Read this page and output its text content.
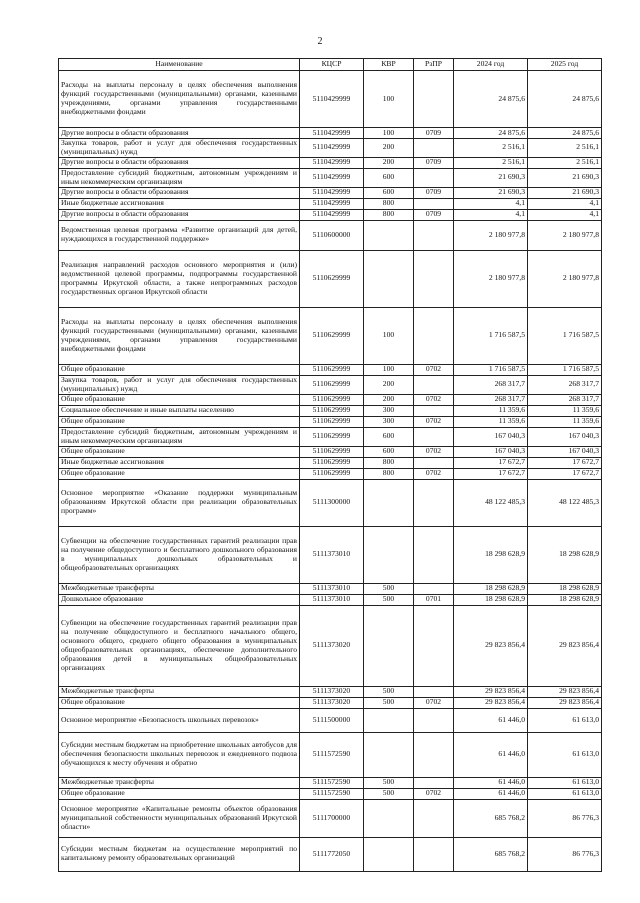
2
Наименование	КЦСР	КВР	РзПР	2024 год	2025 год
Расходы на выплаты персоналу в целях обеспечения выполнения функций государственными (муниципальными) органами, казенными учреждениями, органами управления государственными внебюджетными фондами	5110429999	100		24 875,6	24 875,6
Другие вопросы в области образования	5110429999	100	0709	24 875,6	24 875,6
Закупка товаров, работ и услуг для обеспечения государственных (муниципальных) нужд	5110429999	200		2 516,1	2 516,1
Другие вопросы в области образования	5110429999	200	0709	2 516,1	2 516,1
Предоставление субсидий бюджетным, автономным учреждениям и иным некоммерческим организациям	5110429999	600		21 690,3	21 690,3
Другие вопросы в области образования	5110429999	600	0709	21 690,3	21 690,3
Иные бюджетные ассигнования	5110429999	800		4,1	4,1
Другие вопросы в области образования	5110429999	800	0709	4,1	4,1
Ведомственная целевая программа «Развитие организаций для детей, нуждающихся в государственной поддержке»	5110600000			2 180 977,8	2 180 977,8
Реализация направлений расходов основного мероприятия и (или) ведомственной целевой программы, подпрограммы государственной программы Иркутской области, а также непрограммных расходов государственных органов Иркутской области	5110629999			2 180 977,8	2 180 977,8
Расходы на выплаты персоналу в целях обеспечения выполнения функций государственными (муниципальными) органами, казенными учреждениями, органами управления государственными внебюджетными фондами	5110629999	100		1 716 587,5	1 716 587,5
Общее образование	5110629999	100	0702	1 716 587,5	1 716 587,5
Закупка товаров, работ и услуг для обеспечения государственных (муниципальных) нужд	5110629999	200		268 317,7	268 317,7
Общее образование	5110629999	200	0702	268 317,7	268 317,7
Социальное обеспечение и иные выплаты населению	5110629999	300		11 359,6	11 359,6
Общее образование	5110629999	300	0702	11 359,6	11 359,6
Предоставление субсидий бюджетным, автономным учреждениям и иным некоммерческим организациям	5110629999	600		167 040,3	167 040,3
Общее образование	5110629999	600	0702	167 040,3	167 040,3
Иные бюджетные ассигнования	5110629999	800		17 672,7	17 672,7
Общее образование	5110629999	800	0702	17 672,7	17 672,7
Основное мероприятие «Оказание поддержки муниципальным образованиям Иркутской области при реализации образовательных программ»	5111300000			48 122 485,3	48 122 485,3
Субвенции на обеспечение государственных гарантий реализации прав на получение общедоступного и бесплатного дошкольного образования в муниципальных дошкольных образовательных и общеобразовательных организациях	5111373010			18 298 628,9	18 298 628,9
Межбюджетные трансферты	5111373010	500		18 298 628,9	18 298 628,9
Дошкольное образование	5111373010	500	0701	18 298 628,9	18 298 628,9
Субвенции на обеспечение государственных гарантий реализации прав на получение общедоступного и бесплатного начального общего, основного общего, среднего общего образования в муниципальных общеобразовательных организациях, обеспечение дополнительного образования детей в муниципальных общеобразовательных организациях	5111373020			29 823 856,4	29 823 856,4
Межбюджетные трансферты	5111373020	500		29 823 856,4	29 823 856,4
Общее образование	5111373020	500	0702	29 823 856,4	29 823 856,4
Основное мероприятие «Безопасность школьных перевозок»	5111500000			61 446,0	61 613,0
Субсидии местным бюджетам на приобретение школьных автобусов для обеспечения безопасности школьных перевозок и ежедневного подвоза обучающихся к месту обучения и обратно	5111572590			61 446,0	61 613,0
Межбюджетные трансферты	5111572590	500		61 446,0	61 613,0
Общее образование	5111572590	500	0702	61 446,0	61 613,0
Основное мероприятие «Капитальные ремонты объектов образования муниципальной собственности муниципальных образований Иркутской области»	5111700000			685 768,2	86 776,3
Субсидии местным бюджетам на осуществление мероприятий по капитальному ремонту образовательных организаций	5111772050			685 768,2	86 776,3
